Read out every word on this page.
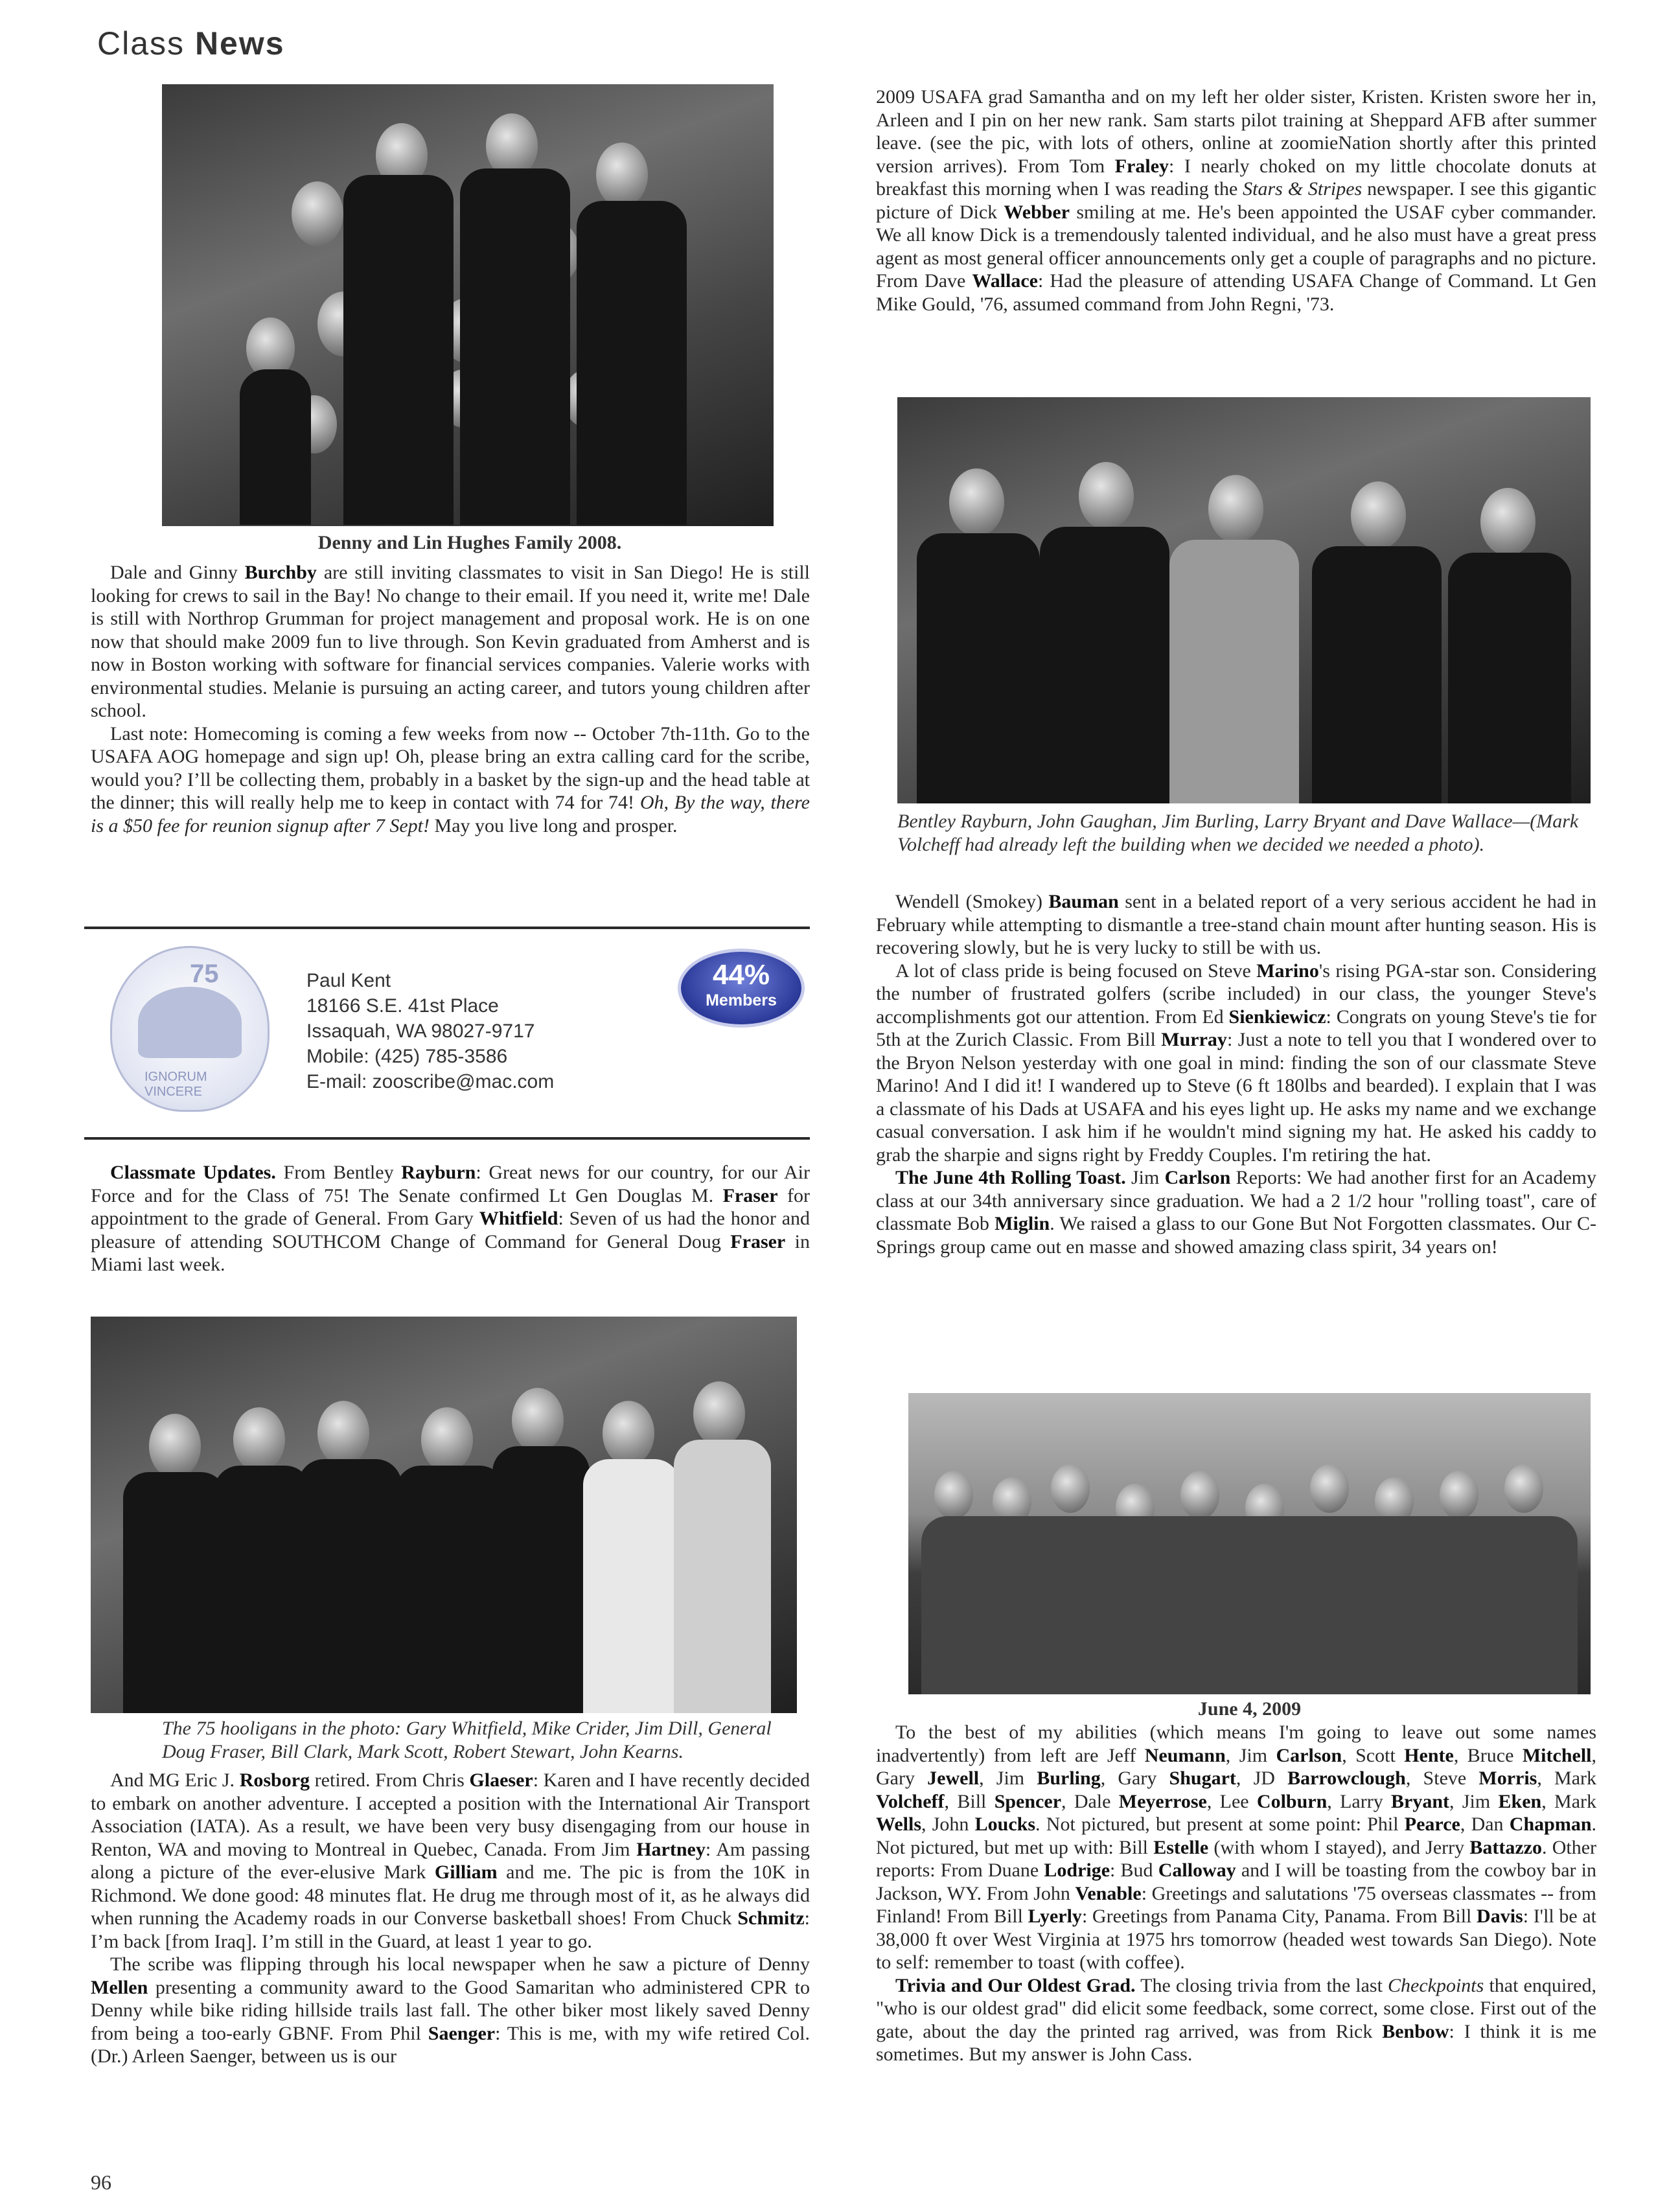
Class News
Denny and Lin Hughes Family 2008.

Dale and Ginny Burchby are still inviting classmates to visit in San Diego! He is still looking for crews to sail in the Bay! No change to their email. If you need it, write me! Dale is still with Northrop Grumman for project management and proposal work. He is on one now that should make 2009 fun to live through. Son Kevin graduated from Amherst and is now in Boston working with software for financial services companies. Valerie works with environmental studies. Melanie is pursuing an acting career, and tutors young children after school.

Last note: Homecoming is coming a few weeks from now -- October 7th-11th. Go to the USAFA AOG homepage and sign up! Oh, please bring an extra calling card for the scribe, would you? I’ll be collecting them, probably in a basket by the sign-up and the head table at the dinner; this will really help me to keep in contact with 74 for 74! Oh, By the way, there is a $50 fee for reunion signup after 7 Sept! May you live long and prosper.

75
IGNORUM VINCERE
Paul Kent
18166 S.E. 41st Place
Issaquah, WA 98027-9717
Mobile: (425) 785-3586
E-mail: zooscribe@mac.com
44%
Members

Classmate Updates. From Bentley Rayburn: Great news for our country, for our Air Force and for the Class of 75! The Senate confirmed Lt Gen Douglas M. Fraser for appointment to the grade of General. From Gary Whitfield: Seven of us had the honor and pleasure of attending SOUTHCOM Change of Command for General Doug Fraser in Miami last week.

The 75 hooligans in the photo: Gary Whitfield, Mike Crider, Jim Dill, General Doug Fraser, Bill Clark, Mark Scott, Robert Stewart, John Kearns.

And MG Eric J. Rosborg retired. From Chris Glaeser: Karen and I have recently decided to embark on another adventure. I accepted a position with the International Air Transport Association (IATA). As a result, we have been very busy disengaging from our house in Renton, WA and moving to Montreal in Quebec, Canada. From Jim Hartney: Am passing along a picture of the ever-elusive Mark Gilliam and me. The pic is from the 10K in Richmond. We done good: 48 minutes flat. He drug me through most of it, as he always did when running the Academy roads in our Converse basketball shoes! From Chuck Schmitz: I’m back [from Iraq]. I’m still in the Guard, at least 1 year to go.

The scribe was flipping through his local newspaper when he saw a picture of Denny Mellen presenting a community award to the Good Samaritan who administered CPR to Denny while bike riding hillside trails last fall. The other biker most likely saved Denny from being a too-early GBNF. From Phil Saenger: This is me, with my wife retired Col. (Dr.) Arleen Saenger, between us is our

2009 USAFA grad Samantha and on my left her older sister, Kristen. Kristen swore her in, Arleen and I pin on her new rank. Sam starts pilot training at Sheppard AFB after summer leave. (see the pic, with lots of others, online at zoomieNation shortly after this printed version arrives). From Tom Fraley: I nearly choked on my little chocolate donuts at breakfast this morning when I was reading the Stars & Stripes newspaper. I see this gigantic picture of Dick Webber smiling at me. He's been appointed the USAF cyber commander. We all know Dick is a tremendously talented individual, and he also must have a great press agent as most general officer announcements only get a couple of paragraphs and no picture. From Dave Wallace: Had the pleasure of attending USAFA Change of Command. Lt Gen Mike Gould, '76, assumed command from John Regni, '73.

Bentley Rayburn, John Gaughan, Jim Burling, Larry Bryant and Dave Wallace—(Mark Volcheff had already left the building when we decided we needed a photo).

Wendell (Smokey) Bauman sent in a belated report of a very serious accident he had in February while attempting to dismantle a tree-stand chain mount after hunting season. His is recovering slowly, but he is very lucky to still be with us.

A lot of class pride is being focused on Steve Marino's rising PGA-star son. Considering the number of frustrated golfers (scribe included) in our class, the younger Steve's accomplishments got our attention. From Ed Sienkiewicz: Congrats on young Steve's tie for 5th at the Zurich Classic. From Bill Murray: Just a note to tell you that I wondered over to the Bryon Nelson yesterday with one goal in mind: finding the son of our classmate Steve Marino! And I did it! I wandered up to Steve (6 ft 180lbs and bearded). I explain that I was a classmate of his Dads at USAFA and his eyes light up. He asks my name and we exchange casual conversation. I ask him if he wouldn't mind signing my hat. He asked his caddy to grab the sharpie and signs right by Freddy Couples. I'm retiring the hat.

The June 4th Rolling Toast. Jim Carlson Reports: We had another first for an Academy class at our 34th anniversary since graduation. We had a 2 1/2 hour "rolling toast", care of classmate Bob Miglin. We raised a glass to our Gone But Not Forgotten classmates. Our C-Springs group came out en masse and showed amazing class spirit, 34 years on!

June 4, 2009

To the best of my abilities (which means I'm going to leave out some names inadvertently) from left are Jeff Neumann, Jim Carlson, Scott Hente, Bruce Mitchell, Gary Jewell, Jim Burling, Gary Shugart, JD Barrowclough, Steve Morris, Mark Volcheff, Bill Spencer, Dale Meyerrose, Lee Colburn, Larry Bryant, Jim Eken, Mark Wells, John Loucks. Not pictured, but present at some point: Phil Pearce, Dan Chapman. Not pictured, but met up with: Bill Estelle (with whom I stayed), and Jerry Battazzo. Other reports: From Duane Lodrige: Bud Calloway and I will be toasting from the cowboy bar in Jackson, WY. From John Venable: Greetings and salutations '75 overseas classmates -- from Finland! From Bill Lyerly: Greetings from Panama City, Panama. From Bill Davis: I'll be at 38,000 ft over West Virginia at 1975 hrs tomorrow (headed west towards San Diego). Note to self: remember to toast (with coffee).

Trivia and Our Oldest Grad. The closing trivia from the last Checkpoints that enquired, "who is our oldest grad" did elicit some feedback, some correct, some close. First out of the gate, about the day the printed rag arrived, was from Rick Benbow: I think it is me sometimes. But my answer is John Cass.

96
